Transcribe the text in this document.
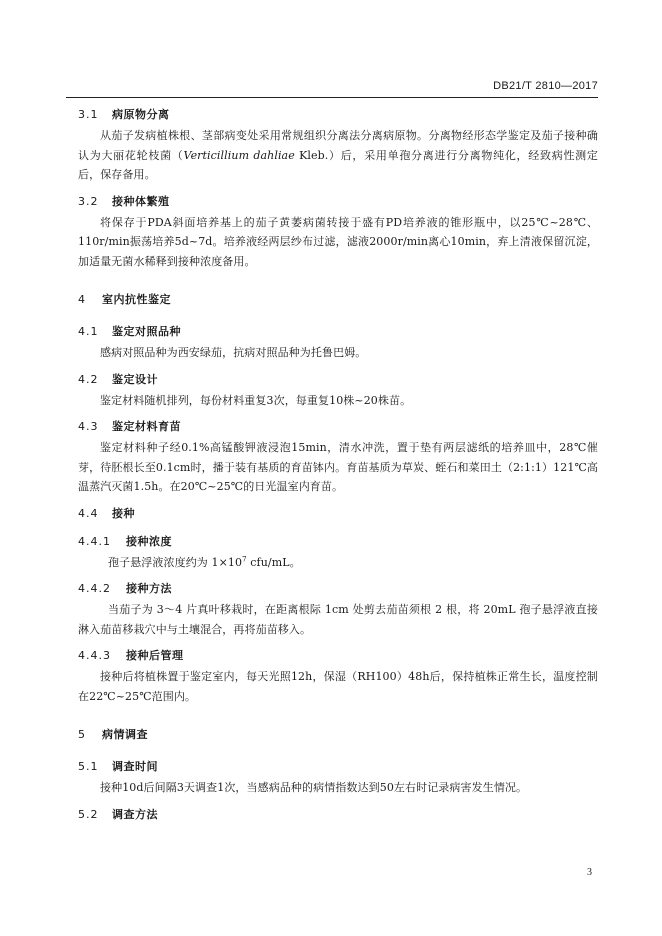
DB21/T 2810—2017
3.1	病原物分离

从茄子发病植株根、茎部病变处采用常规组织分离法分离病原物。分离物经形态学鉴定及茄子接种确认为大丽花轮枝菌（Verticillium dahliae Kleb.）后，采用单孢分离进行分离物纯化，经致病性测定后，保存备用。

3.2	接种体繁殖

将保存于PDA斜面培养基上的茄子黄萎病菌转接于盛有PD培养液的锥形瓶中，以25℃~28℃、110r/min振荡培养5d~7d。培养液经两层纱布过滤，滤液2000r/min离心10min，弃上清液保留沉淀，加适量无菌水稀释到接种浓度备用。

4	室内抗性鉴定
4.1	鉴定对照品种

感病对照品种为西安绿茄，抗病对照品种为托鲁巴姆。

4.2	鉴定设计

鉴定材料随机排列，每份材料重复3次，每重复10株~20株苗。

4.3	鉴定材料育苗

鉴定材料种子经0.1%高锰酸钾液浸泡15min，清水冲洗，置于垫有两层滤纸的培养皿中，28℃催芽，待胚根长至0.1cm时，播于装有基质的育苗钵内。育苗基质为草炭、蛭石和菜田土（2:1:1）121℃高温蒸汽灭菌1.5h。在20℃~25℃的日光温室内育苗。

4.4	接种
4.4.1	接种浓度

孢子悬浮液浓度约为 $1\times 10^7$ cfu/mL。

4.4.2	接种方法

当茄子为 3～4 片真叶移栽时，在距离根际 1cm 处剪去茄苗须根 2 根，将 20mL 孢子悬浮液直接淋入茄苗移栽穴中与土壤混合，再将茄苗移入。

4.4.3	接种后管理

接种后将植株置于鉴定室内，每天光照12h，保湿（RH100）48h后，保持植株正常生长，温度控制在22℃~25℃范围内。

5	病情调查
5.1	调查时间

接种10d后间隔3天调查1次，当感病品种的病情指数达到50左右时记录病害发生情况。

5.2	调查方法
3
